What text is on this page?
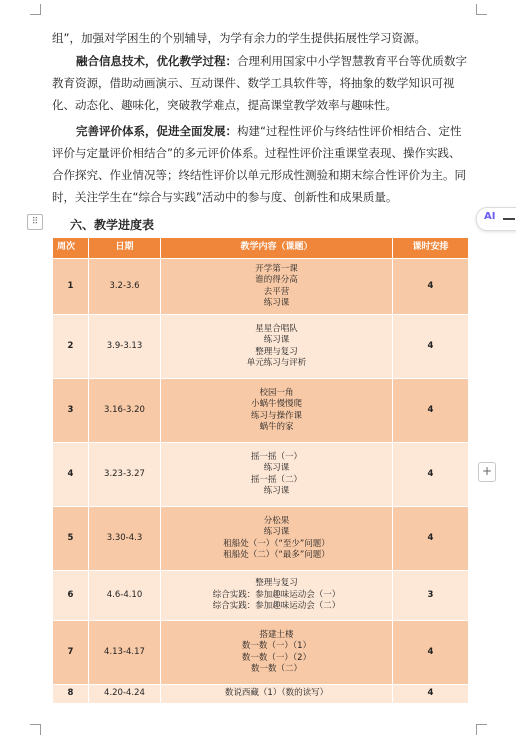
组”，加强对学困生的个别辅导，为学有余力的学生提供拓展性学习资源。

融合信息技术，优化教学过程：合理利用国家中小学智慧教育平台等优质数字教育资源，借助动画演示、互动课件、数学工具软件等，将抽象的数学知识可视化、动态化、趣味化，突破教学难点，提高课堂教学效率与趣味性。

完善评价体系，促进全面发展：构建“过程性评价与终结性评价相结合、定性评价与定量评价相结合”的多元评价体系。过程性评价注重课堂表现、操作实践、合作探究、作业情况等；终结性评价以单元形成性测验和期末综合性评价为主。同时，关注学生在“综合与实践”活动中的参与度、创新性和成果质量。

⠿	六、教学进度表
AI
+
周次	日期	教学内容（课题）	课时安排
1	3.2-3.6	开学第一课
谁的得分高
去平营
练习课	4
2	3.9-3.13	星星合唱队
练习课
整理与复习
单元练习与评析	4
3	3.16-3.20	校园一角
小蜗牛慢慢爬
练习与操作课
蜗牛的家	4
4	3.23-3.27	摇一摇（一）
练习课
摇一摇（二）
练习课	4
5	3.30-4.3	分松果
练习课
租船处（一）（“至少”问题）
租船处（二）（“最多”问题）	4
6	4.6-4.10	整理与复习
综合实践：参加趣味运动会（一）
综合实践：参加趣味运动会（二）	3
7	4.13-4.17	搭建土楼
数一数（一）（1）
数一数（一）（2）
数一数（二）	4
8	4.20-4.24	数说西藏（1）（数的读写）	4
